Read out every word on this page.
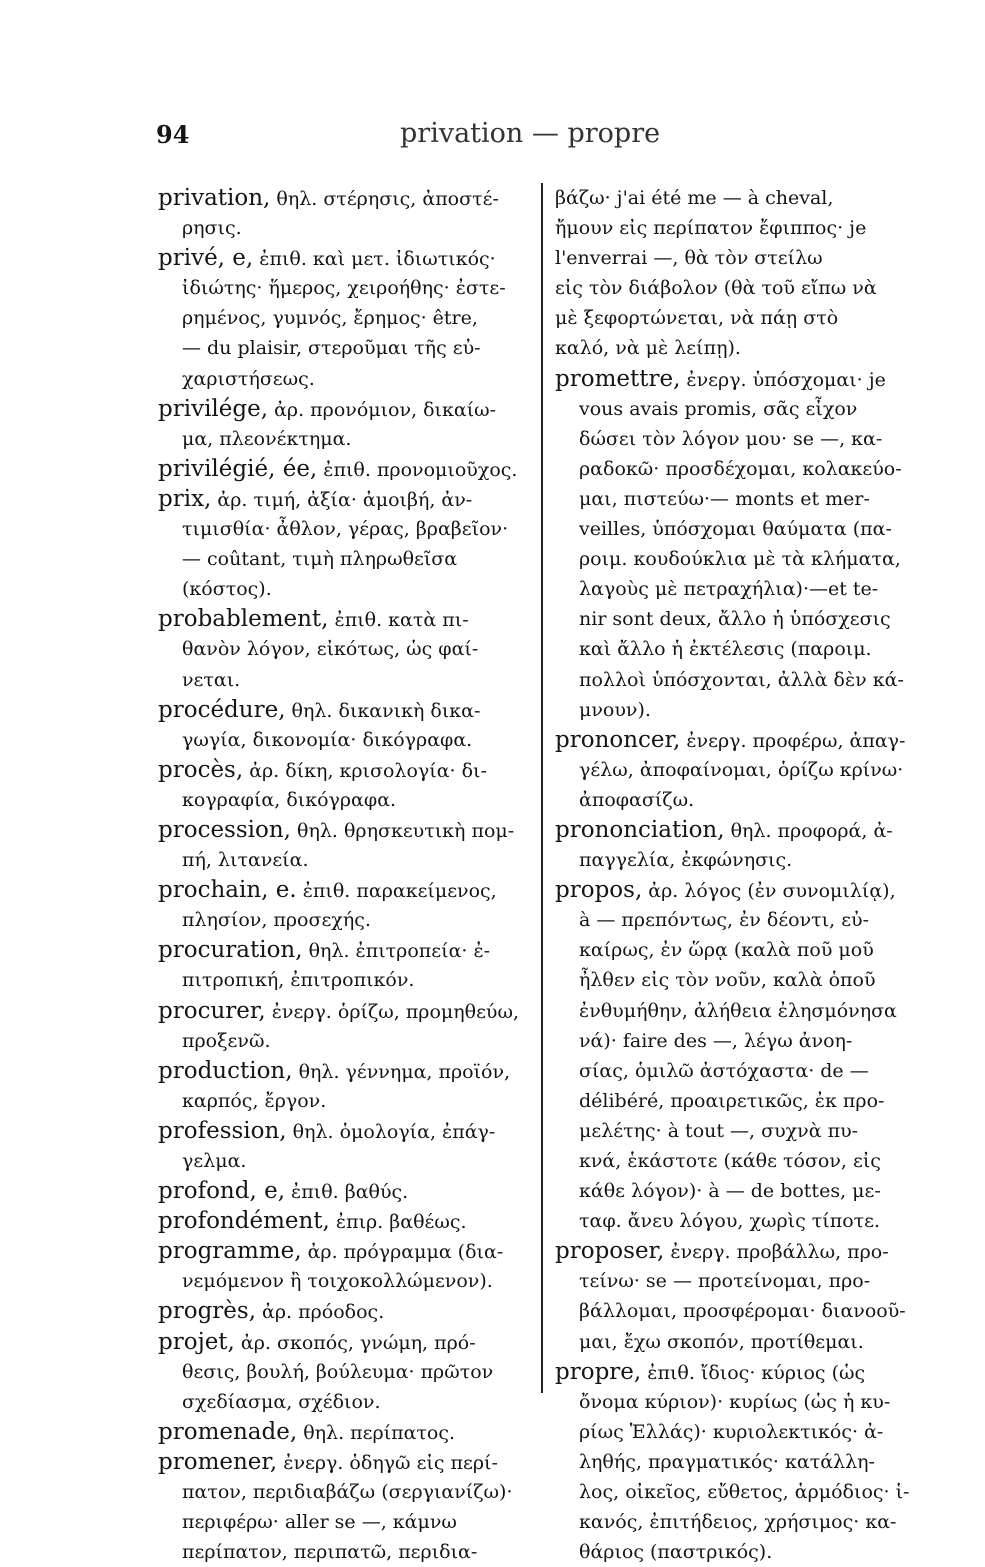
94	privation — propre
privation, θηλ. στέρησις, ἀποστέ-
ρησις.
privé, e, ἐπιθ. καὶ μετ. ἰδιωτικός·
ἰδιώτης· ἥμερος, χειροήθης· ἐστε-
ρημένος, γυμνός, ἔρημος· être,
— du plaisir, στεροῦμαι τῆς εὐ-
χαριστήσεως.
privilége, ἀρ. προνόμιον, δικαίω-
μα, πλεονέκτημα.
privilégié, ée, ἐπιθ. προνομιοῦχος.
prix, ἀρ. τιμή, ἀξία· ἀμοιβή, ἀν-
τιμισθία· ἆθλον, γέρας, βραβεῖον·
— coûtant, τιμὴ πληρωθεῖσα
(κόστος).
probablement, ἐπιθ. κατὰ πι-
θανὸν λόγον, εἰκότως, ὡς φαί-
νεται.
procédure, θηλ. δικανικὴ δικα-
γωγία, δικονομία· δικόγραφα.
procès, ἀρ. δίκη, κρισολογία· δι-
κογραφία, δικόγραφα.
procession, θηλ. θρησκευτικὴ πομ-
πή, λιτανεία.
prochain, e. ἐπιθ. παρακείμενος,
πλησίον, προσεχής.
procuration, θηλ. ἐπιτροπεία· ἐ-
πιτροπική, ἐπιτροπικόν.
procurer, ἐνεργ. ὁρίζω, προμηθεύω,
προξενῶ.
production, θηλ. γέννημα, προϊόν,
καρπός, ἔργον.
profession, θηλ. ὁμολογία, ἐπάγ-
γελμα.
profond, e, ἐπιθ. βαθύς.
profondément, ἐπιρ. βαθέως.
programme, ἀρ. πρόγραμμα (δια-
νεμόμενον ἢ τοιχοκολλώμενον).
progrès, ἀρ. πρόοδος.
projet, ἀρ. σκοπός, γνώμη, πρό-
θεσις, βουλή, βούλευμα· πρῶτον
σχεδίασμα, σχέδιον.
promenade, θηλ. περίπατος.
promener, ἐνεργ. ὁδηγῶ εἰς περί-
πατον, περιδιαβάζω (σεργιανίζω)·
περιφέρω· aller se —, κάμνω
περίπατον, περιπατῶ, περιδια-
βάζω· j'ai été me — à cheval,
ἤμουν εἰς περίπατον ἔφιππος· je
l'enverrai —, θὰ τὸν στείλω
εἰς τὸν διάβολον (θὰ τοῦ εἴπω νὰ
μὲ ξεφορτώνεται, νὰ πάῃ στὸ
καλό, νὰ μὲ λείπῃ).
promettre, ἐνεργ. ὑπόσχομαι· je
vous avais promis, σᾶς εἶχον
δώσει τὸν λόγον μου· se —, κα-
ραδοκῶ· προσδέχομαι, κολακεύο-
μαι, πιστεύω·— monts et mer-
veilles, ὑπόσχομαι θαύματα (πα-
ροιμ. κουδούκλια μὲ τὰ κλήματα,
λαγοὺς μὲ πετραχήλια)·—et te-
nir sont deux, ἄλλο ἡ ὑπόσχεσις
καὶ ἄλλο ἡ ἐκτέλεσις (παροιμ.
πολλοὶ ὑπόσχονται, ἀλλὰ δὲν κά-
μνουν).
prononcer, ἐνεργ. προφέρω, ἀπαγ-
γέλω, ἀποφαίνομαι, ὁρίζω κρίνω·
ἀποφασίζω.
prononciation, θηλ. προφορά, ἀ-
παγγελία, ἐκφώνησις.
propos, ἀρ. λόγος (ἐν συνομιλίᾳ),
à — πρεπόντως, ἐν δέοντι, εὐ-
καίρως, ἐν ὥρᾳ (καλὰ ποῦ μοῦ
ἦλθεν εἰς τὸν νοῦν, καλὰ ὁποῦ
ἐνθυμήθην, ἀλήθεια ἐλησμόνησα
νά)· faire des —, λέγω ἀνοη-
σίας, ὁμιλῶ ἀστόχαστα· de —
délibéré, προαιρετικῶς, ἐκ προ-
μελέτης· à tout —, συχνὰ πυ-
κνά, ἑκάστοτε (κάθε τόσον, εἰς
κάθε λόγον)· à — de bottes, με-
ταφ. ἄνευ λόγου, χωρὶς τίποτε.
proposer, ἐνεργ. προβάλλω, προ-
τείνω· se — προτείνομαι, προ-
βάλλομαι, προσφέρομαι· διανοοῦ-
μαι, ἔχω σκοπόν, προτίθεμαι.
propre, ἐπιθ. ἴδιος· κύριος (ὡς
ὄνομα κύριον)· κυρίως (ὡς ἡ κυ-
ρίως Ἑλλάς)· κυριολεκτικός· ἀ-
ληθής, πραγματικός· κατάλλη-
λος, οἰκεῖος, εὔθετος, ἁρμόδιος· ἱ-
κανός, ἐπιτήδειος, χρήσιμος· κα-
θάριος (παστρικός).
